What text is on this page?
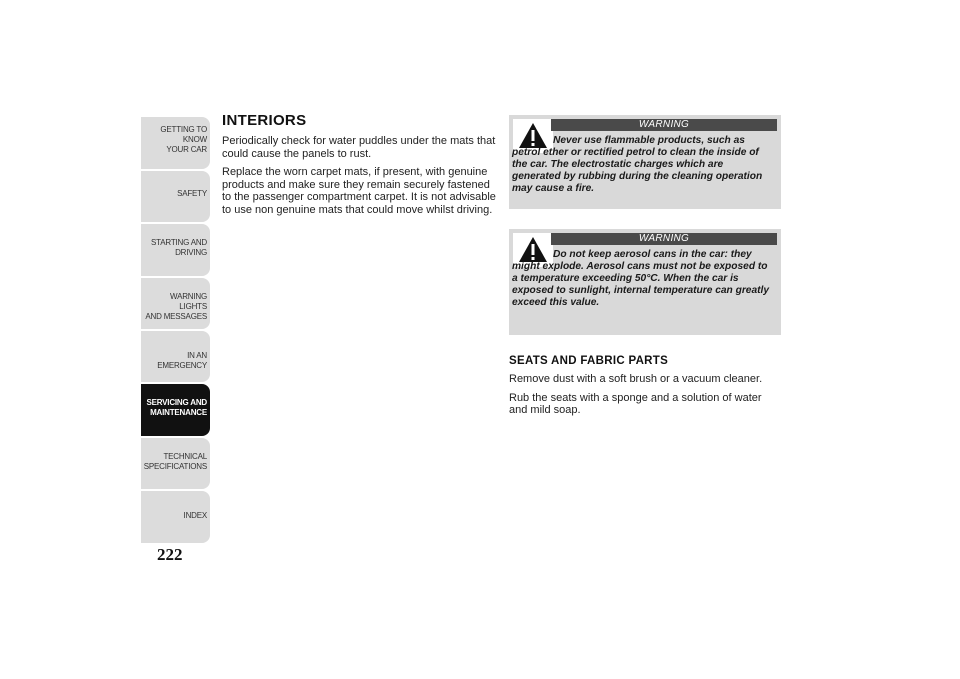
GETTING TO KNOW
YOUR CAR
SAFETY
STARTING AND
DRIVING
WARNING LIGHTS
AND MESSAGES
IN AN EMERGENCY
SERVICING AND
MAINTENANCE
TECHNICAL
SPECIFICATIONS
INDEX
222
INTERIORS

Periodically check for water puddles under the mats that could cause the panels to rust.

Replace the worn carpet mats, if present, with genuine products and make sure they remain securely fastened to the passenger compartment carpet. It is not advisable to use non genuine mats that could move whilst driving.

WARNING
Never use flammable products, such as petrol ether or rectified petrol to clean the inside of the car. The electrostatic charges which are generated by rubbing during the cleaning operation may cause a fire.
WARNING
Do not keep aerosol cans in the car: they might explode. Aerosol cans must not be exposed to a temperature exceeding 50°C. When the car is exposed to sunlight, internal temperature can greatly exceed this value.
SEATS AND FABRIC PARTS

Remove dust with a soft brush or a vacuum cleaner.

Rub the seats with a sponge and a solution of water and mild soap.
